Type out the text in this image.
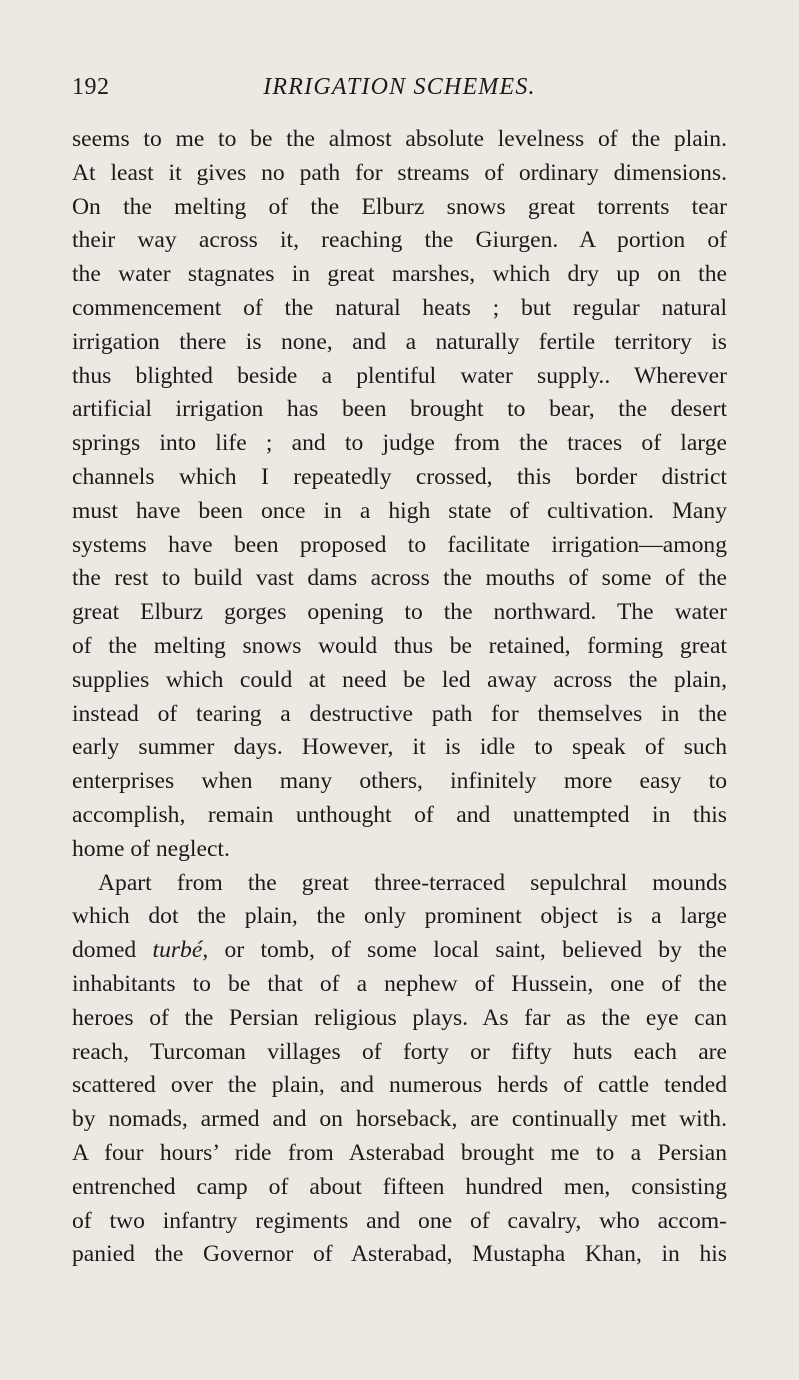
192	IRRIGATION SCHEMES.
seems to me to be the almost absolute levelness of the plain.
At least it gives no path for streams of ordinary dimensions.
On the melting of the Elburz snows great torrents tear
their way across it, reaching the Giurgen. A portion of
the water stagnates in great marshes, which dry up on the
commencement of the natural heats ; but regular natural
irrigation there is none, and a naturally fertile territory is
thus blighted beside a plentiful water supply.. Wherever
artificial irrigation has been brought to bear, the desert
springs into life ; and to judge from the traces of large
channels which I repeatedly crossed, this border district
must have been once in a high state of cultivation. Many
systems have been proposed to facilitate irrigation—among
the rest to build vast dams across the mouths of some of the
great Elburz gorges opening to the northward. The water
of the melting snows would thus be retained, forming great
supplies which could at need be led away across the plain,
instead of tearing a destructive path for themselves in the
early summer days. However, it is idle to speak of such
enterprises when many others, infinitely more easy to
accomplish, remain unthought of and unattempted in this
home of neglect.
Apart from the great three-terraced sepulchral mounds
which dot the plain, the only prominent object is a large
domed turbé, or tomb, of some local saint, believed by the
inhabitants to be that of a nephew of Hussein, one of the
heroes of the Persian religious plays. As far as the eye can
reach, Turcoman villages of forty or fifty huts each are
scattered over the plain, and numerous herds of cattle tended
by nomads, armed and on horseback, are continually met with.
A four hours’ ride from Asterabad brought me to a Persian
entrenched camp of about fifteen hundred men, consisting
of two infantry regiments and one of cavalry, who accom-
panied the Governor of Asterabad, Mustapha Khan, in his
